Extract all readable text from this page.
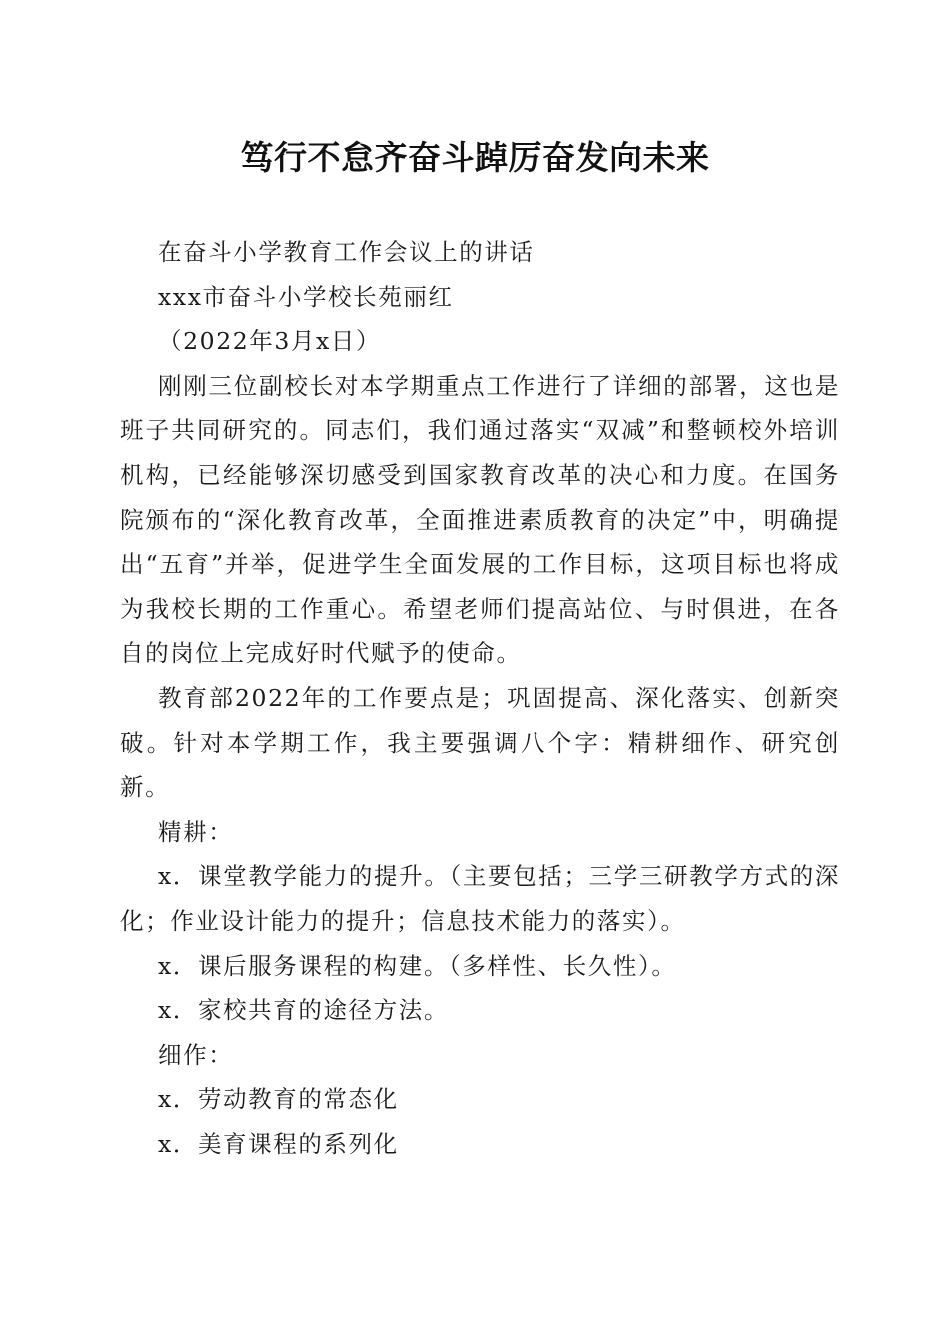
笃行不怠齐奋斗踔厉奋发向未来

在奋斗小学教育工作会议上的讲话

xxx市奋斗小学校长苑丽红

（2022年3月x日）

刚刚三位副校长对本学期重点工作进行了详细的部署，这也是班子共同研究的。同志们，我们通过落实“双减”和整顿校外培训机构，已经能够深切感受到国家教育改革的决心和力度。在国务院颁布的“深化教育改革，全面推进素质教育的决定”中，明确提出“五育”并举，促进学生全面发展的工作目标，这项目标也将成为我校长期的工作重心。希望老师们提高站位、与时俱进，在各自的岗位上完成好时代赋予的使命。

教育部2022年的工作要点是；巩固提高、深化落实、创新突破。针对本学期工作，我主要强调八个字：精耕细作、研究创新。

精耕：

x．课堂教学能力的提升。（主要包括；三学三研教学方式的深化；作业设计能力的提升；信息技术能力的落实）。

x．课后服务课程的构建。（多样性、长久性）。

x．家校共育的途径方法。

细作：

x．劳动教育的常态化

x．美育课程的系列化
